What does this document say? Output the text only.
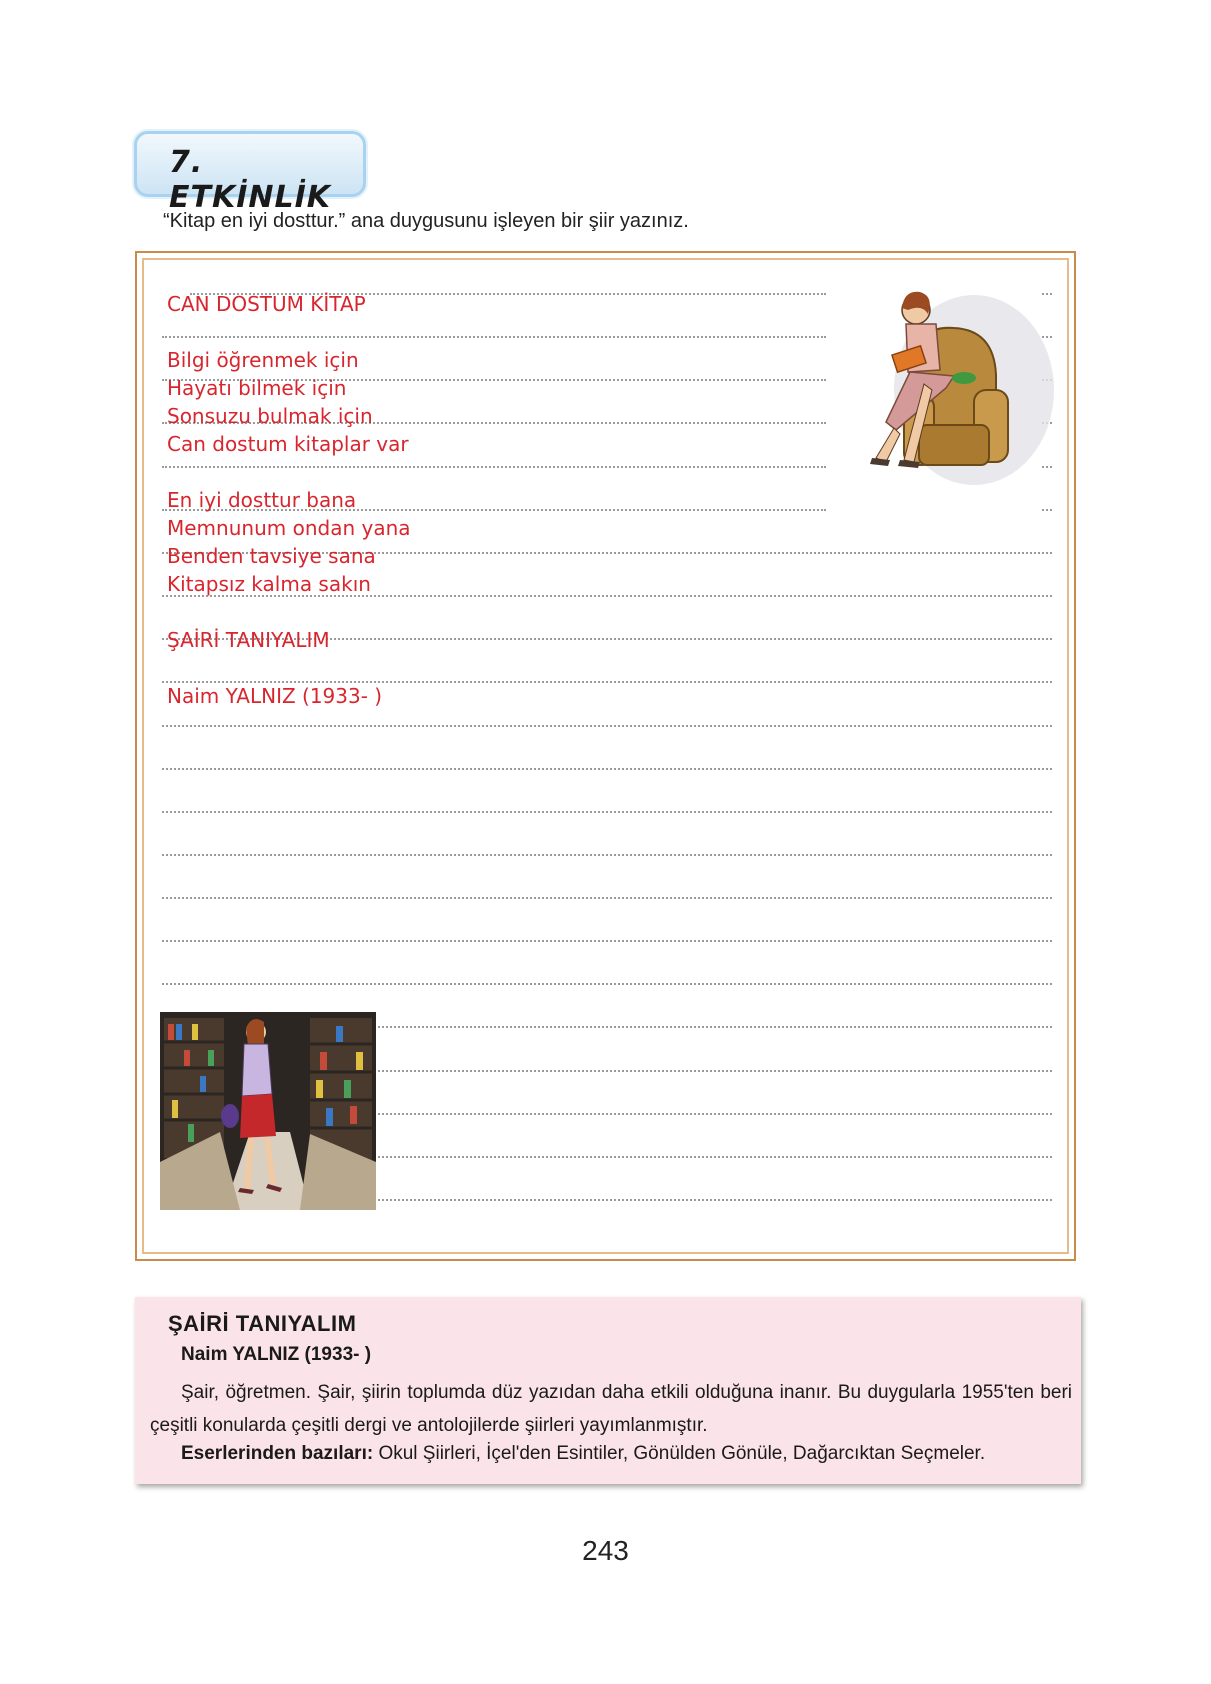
7. ETKİNLİK
“Kitap en iyi dosttur.” ana duygusunu işleyen bir şiir yazınız.
CAN DOSTUM KİTAP
Bilgi öğrenmek için
Hayatı bilmek için
Sonsuzu bulmak için
Can dostum kitaplar var
En iyi dosttur bana
Memnunum ondan yana
Benden tavsiye sana
Kitapsız kalma sakın
ŞAİRİ TANIYALIM
Naim YALNIZ (1933- )
ŞAİRİ TANIYALIM
Naim YALNIZ (1933- )
Şair, öğretmen. Şair, şiirin toplumda düz yazıdan daha etkili olduğuna inanır. Bu duygularla 1955'ten beri çeşitli konularda çeşitli dergi ve antolojilerde şiirleri yayımlanmıştır.
Eserlerinden bazıları: Okul Şiirleri, İçel'den Esintiler, Gönülden Gönüle, Dağarcıktan Seçmeler.
243
